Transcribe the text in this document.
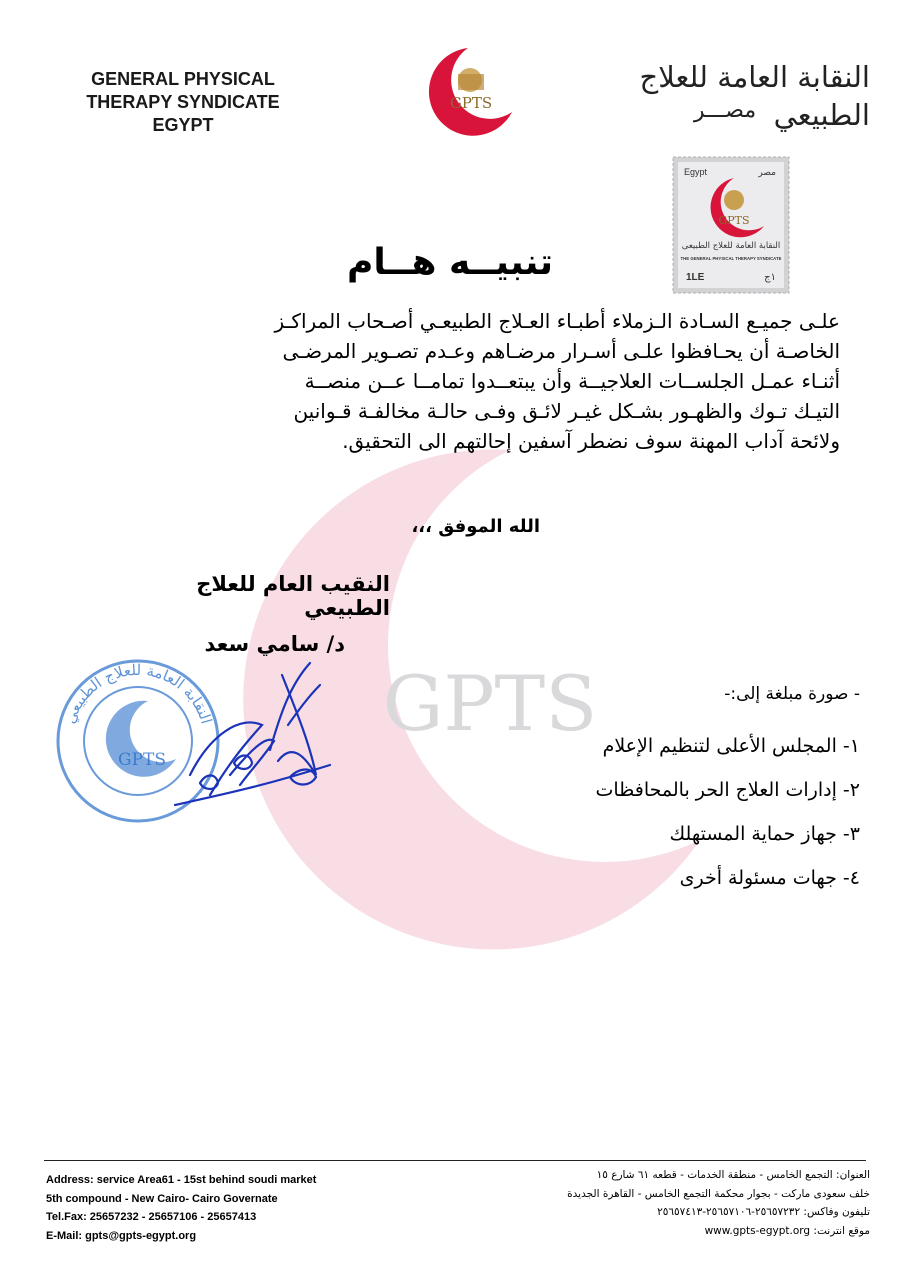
GPTS
GENERAL PHYSICAL
THERAPY SYNDICATE
EGYPT
GPTS
النقابة العامة للعلاج الطبيعي
مصـــر
Egypt	مصر
GPTS
النقابة العامة للعلاج الطبيعى
THE GENERAL PHYSICAL THERAPY SYNDICATE
1LE	١ج
تنبيــه هــام
علـى جميـع السـادة الـزملاء أطبـاء العـلاج الطبيعـي أصـحاب المراكـز
الخاصـة أن يحـافظوا علـى أسـرار مرضـاهم وعـدم تصـوير المرضـى
أثنـاء عمـل الجلســات العلاجيــة وأن يبتعــدوا تمامــا عــن منصــة
التيـك تـوك والظهـور بشـكل غيـر لائـق وفـى حالـة مخالفـة قـوانين
ولائحة آداب المهنة سوف نضطر آسفين إحالتهم الى التحقيق.
الله الموفق ،،،
النقيب العام للعلاج الطبيعي
د/ سامي سعد
النقابة العامة للعلاج الطبيعي
GPTS
- صورة مبلغة إلى:-
١- المجلس الأعلى لتنظيم الإعلام
٢- إدارات العلاج الحر بالمحافظات
٣- جهاز حماية المستهلك
٤- جهات مسئولة أخرى
Address: service Area61 - 15st behind soudi market
5th compound - New Cairo- Cairo Governate
Tel.Fax: 25657232 - 25657106 - 25657413
E-Mail: gpts@gpts-egypt.org
العنوان: التجمع الخامس - منطقة الخدمات - قطعه ٦١ شارع ١٥
خلف سعودى ماركت - بجوار محكمة التجمع الخامس - القاهرة الجديدة
تليفون وفاكس: ٢٥٦٥٧٢٣٢-٢٥٦٥٧١٠٦-٢٥٦٥٧٤١٣
موقع انترنت: www.gpts-egypt.org
